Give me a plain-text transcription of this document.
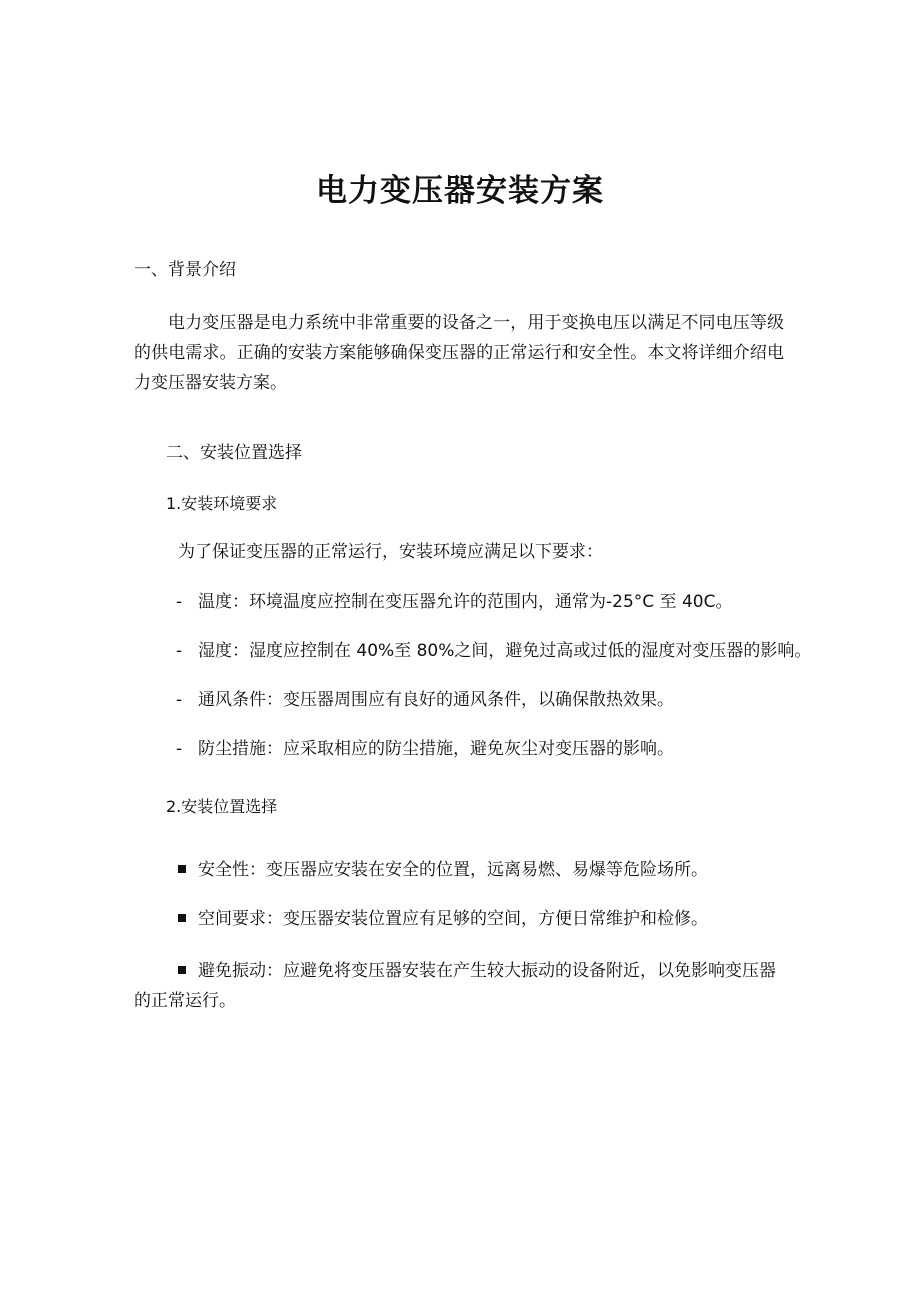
电力变压器安装方案
一、背景介绍
电力变压器是电力系统中非常重要的设备之一，用于变换电压以满足不同电压等级的供电需求。正确的安装方案能够确保变压器的正常运行和安全性。本文将详细介绍电力变压器安装方案。
二、安装位置选择
1.安装环境要求
为了保证变压器的正常运行，安装环境应满足以下要求：
- 温度：环境温度应控制在变压器允许的范围内，通常为-25°C 至 40C。
- 湿度：湿度应控制在 40%至 80%之间，避免过高或过低的湿度对变压器的影响。
- 通风条件：变压器周围应有良好的通风条件，以确保散热效果。
- 防尘措施：应采取相应的防尘措施，避免灰尘对变压器的影响。
2.安装位置选择
安全性：变压器应安装在安全的位置，远离易燃、易爆等危险场所。
空间要求：变压器安装位置应有足够的空间，方便日常维护和检修。
避免振动：应避免将变压器安装在产生较大振动的设备附近，以免影响变压器的正常运行。
